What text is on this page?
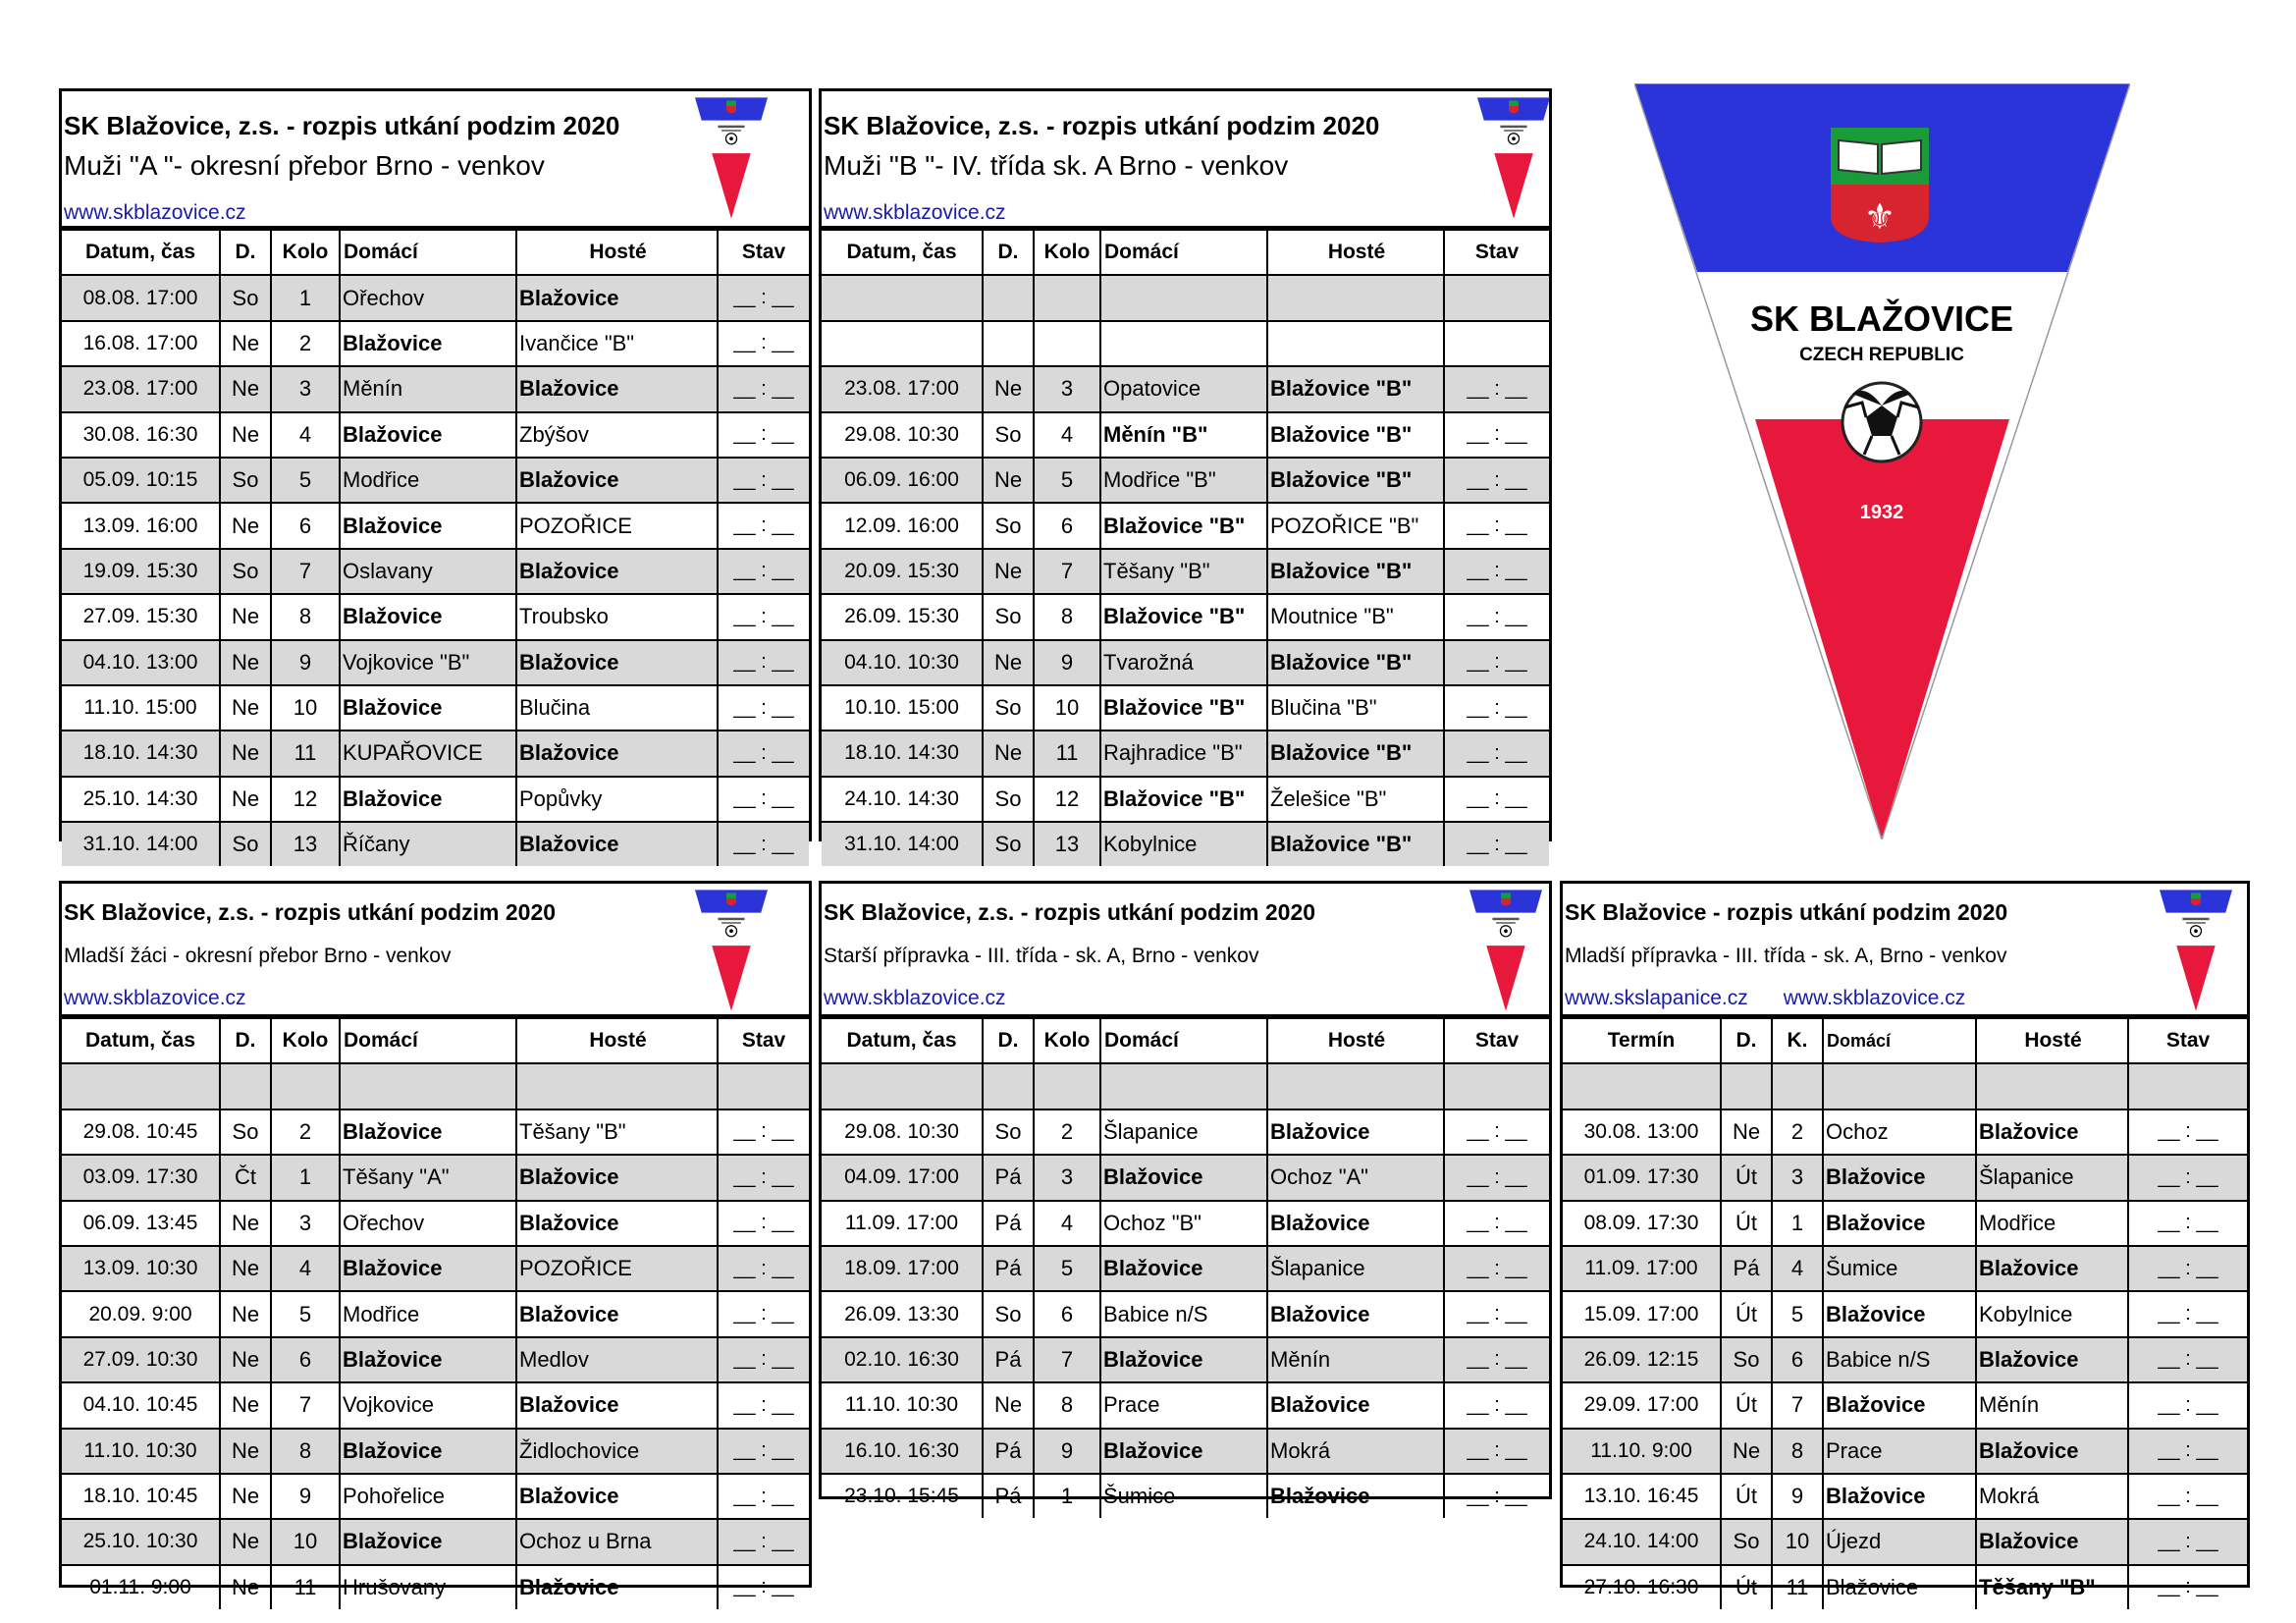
SK Blažovice, z.s. - rozpis utkání podzim 2020
Muži "A "- okresní přebor Brno - venkov
www.skblazovice.cz
Datum, čas	D.	Kolo	Domácí	Hosté	Stav
08.08. 17:00	So	1	Ořechov	Blažovice	__ : __
16.08. 17:00	Ne	2	Blažovice	Ivančice "B"	__ : __
23.08. 17:00	Ne	3	Měnín	Blažovice	__ : __
30.08. 16:30	Ne	4	Blažovice	Zbýšov	__ : __
05.09. 10:15	So	5	Modřice	Blažovice	__ : __
13.09. 16:00	Ne	6	Blažovice	POZOŘICE	__ : __
19.09. 15:30	So	7	Oslavany	Blažovice	__ : __
27.09. 15:30	Ne	8	Blažovice	Troubsko	__ : __
04.10. 13:00	Ne	9	Vojkovice "B"	Blažovice	__ : __
11.10. 15:00	Ne	10	Blažovice	Blučina	__ : __
18.10. 14:30	Ne	11	KUPAŘOVICE	Blažovice	__ : __
25.10. 14:30	Ne	12	Blažovice	Popůvky	__ : __
31.10. 14:00	So	13	Říčany	Blažovice	__ : __
SK Blažovice, z.s. - rozpis utkání podzim 2020
Muži "B "- IV. třída sk. A Brno - venkov
www.skblazovice.cz
Datum, čas	D.	Kolo	Domácí	Hosté	Stav

23.08. 17:00	Ne	3	Opatovice	Blažovice "B"	__ : __
29.08. 10:30	So	4	Měnín "B"	Blažovice "B"	__ : __
06.09. 16:00	Ne	5	Modřice "B"	Blažovice "B"	__ : __
12.09. 16:00	So	6	Blažovice "B"	POZOŘICE "B"	__ : __
20.09. 15:30	Ne	7	Těšany "B"	Blažovice "B"	__ : __
26.09. 15:30	So	8	Blažovice "B"	Moutnice "B"	__ : __
04.10. 10:30	Ne	9	Tvarožná	Blažovice "B"	__ : __
10.10. 15:00	So	10	Blažovice "B"	Blučina "B"	__ : __
18.10. 14:30	Ne	11	Rajhradice "B"	Blažovice "B"	__ : __
24.10. 14:30	So	12	Blažovice "B"	Želešice "B"	__ : __
31.10. 14:00	So	13	Kobylnice	Blažovice "B"	__ : __
⚜
SK BLAŽOVICE
CZECH REPUBLIC
1932
SK Blažovice, z.s. - rozpis utkání podzim 2020
Mladší žáci - okresní přebor Brno - venkov
www.skblazovice.cz
Datum, čas	D.	Kolo	Domácí	Hosté	Stav

29.08. 10:45	So	2	Blažovice	Těšany "B"	__ : __
03.09. 17:30	Čt	1	Těšany "A"	Blažovice	__ : __
06.09. 13:45	Ne	3	Ořechov	Blažovice	__ : __
13.09. 10:30	Ne	4	Blažovice	POZOŘICE	__ : __
20.09. 9:00	Ne	5	Modřice	Blažovice	__ : __
27.09. 10:30	Ne	6	Blažovice	Medlov	__ : __
04.10. 10:45	Ne	7	Vojkovice	Blažovice	__ : __
11.10. 10:30	Ne	8	Blažovice	Židlochovice	__ : __
18.10. 10:45	Ne	9	Pohořelice	Blažovice	__ : __
25.10. 10:30	Ne	10	Blažovice	Ochoz u Brna	__ : __
01.11. 9:00	Ne	11	Hrušovany	Blažovice	__ : __
SK Blažovice, z.s. - rozpis utkání podzim 2020
Starší přípravka - III. třída - sk. A, Brno - venkov
www.skblazovice.cz
Datum, čas	D.	Kolo	Domácí	Hosté	Stav

29.08. 10:30	So	2	Šlapanice	Blažovice	__ : __
04.09. 17:00	Pá	3	Blažovice	Ochoz "A"	__ : __
11.09. 17:00	Pá	4	Ochoz "B"	Blažovice	__ : __
18.09. 17:00	Pá	5	Blažovice	Šlapanice	__ : __
26.09. 13:30	So	6	Babice n/S	Blažovice	__ : __
02.10. 16:30	Pá	7	Blažovice	Měnín	__ : __
11.10. 10:30	Ne	8	Prace	Blažovice	__ : __
16.10. 16:30	Pá	9	Blažovice	Mokrá	__ : __
23.10. 15:45	Pá	1	Šumice	Blažovice	__ : __
SK Blažovice - rozpis utkání podzim 2020
Mladší přípravka - III. třída - sk. A, Brno - venkov
www.skslapanice.cz www.skblazovice.cz
Termín	D.	K.	Domácí	Hosté	Stav

30.08. 13:00	Ne	2	Ochoz	Blažovice	__ : __
01.09. 17:30	Út	3	Blažovice	Šlapanice	__ : __
08.09. 17:30	Út	1	Blažovice	Modřice	__ : __
11.09. 17:00	Pá	4	Šumice	Blažovice	__ : __
15.09. 17:00	Út	5	Blažovice	Kobylnice	__ : __
26.09. 12:15	So	6	Babice n/S	Blažovice	__ : __
29.09. 17:00	Út	7	Blažovice	Měnín	__ : __
11.10. 9:00	Ne	8	Prace	Blažovice	__ : __
13.10. 16:45	Út	9	Blažovice	Mokrá	__ : __
24.10. 14:00	So	10	Újezd	Blažovice	__ : __
27.10. 16:30	Út	11	Blažovice	Těšany "B"	__ : __
